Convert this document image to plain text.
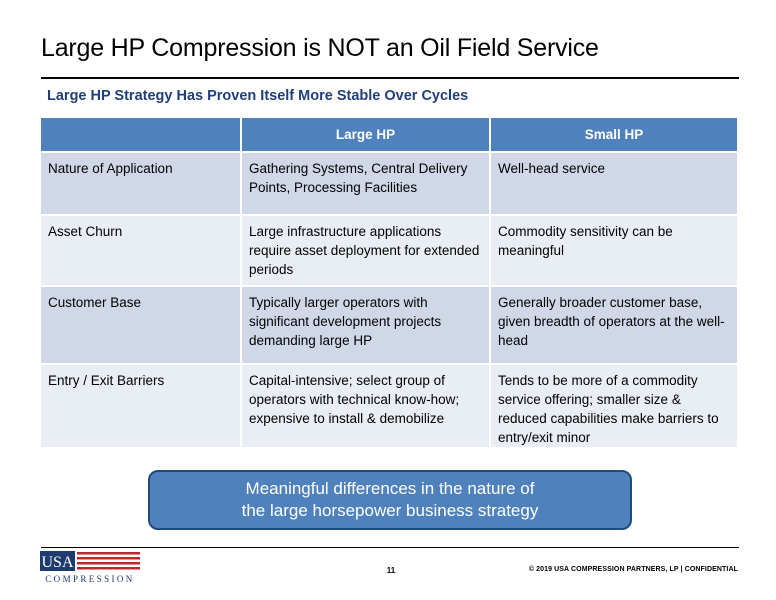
Large HP Compression is NOT an Oil Field Service
Large HP Strategy Has Proven Itself More Stable Over Cycles
	Large HP	Small HP
Nature of Application	Gathering Systems, Central Delivery Points, Processing Facilities	Well-head service
Asset Churn	Large infrastructure applications require asset deployment for extended periods	Commodity sensitivity can be meaningful
Customer Base	Typically larger operators with significant development projects demanding large HP	Generally broader customer base, given breadth of operators at the well-head
Entry / Exit Barriers	Capital-intensive; select group of operators with technical know-how; expensive to install & demobilize	Tends to be more of a commodity service offering; smaller size & reduced capabilities make barriers to entry/exit minor
Meaningful differences in the nature of
the large horsepower business strategy
USA
COMPRESSION
11	© 2019 USA COMPRESSION PARTNERS, LP | CONFIDENTIAL
